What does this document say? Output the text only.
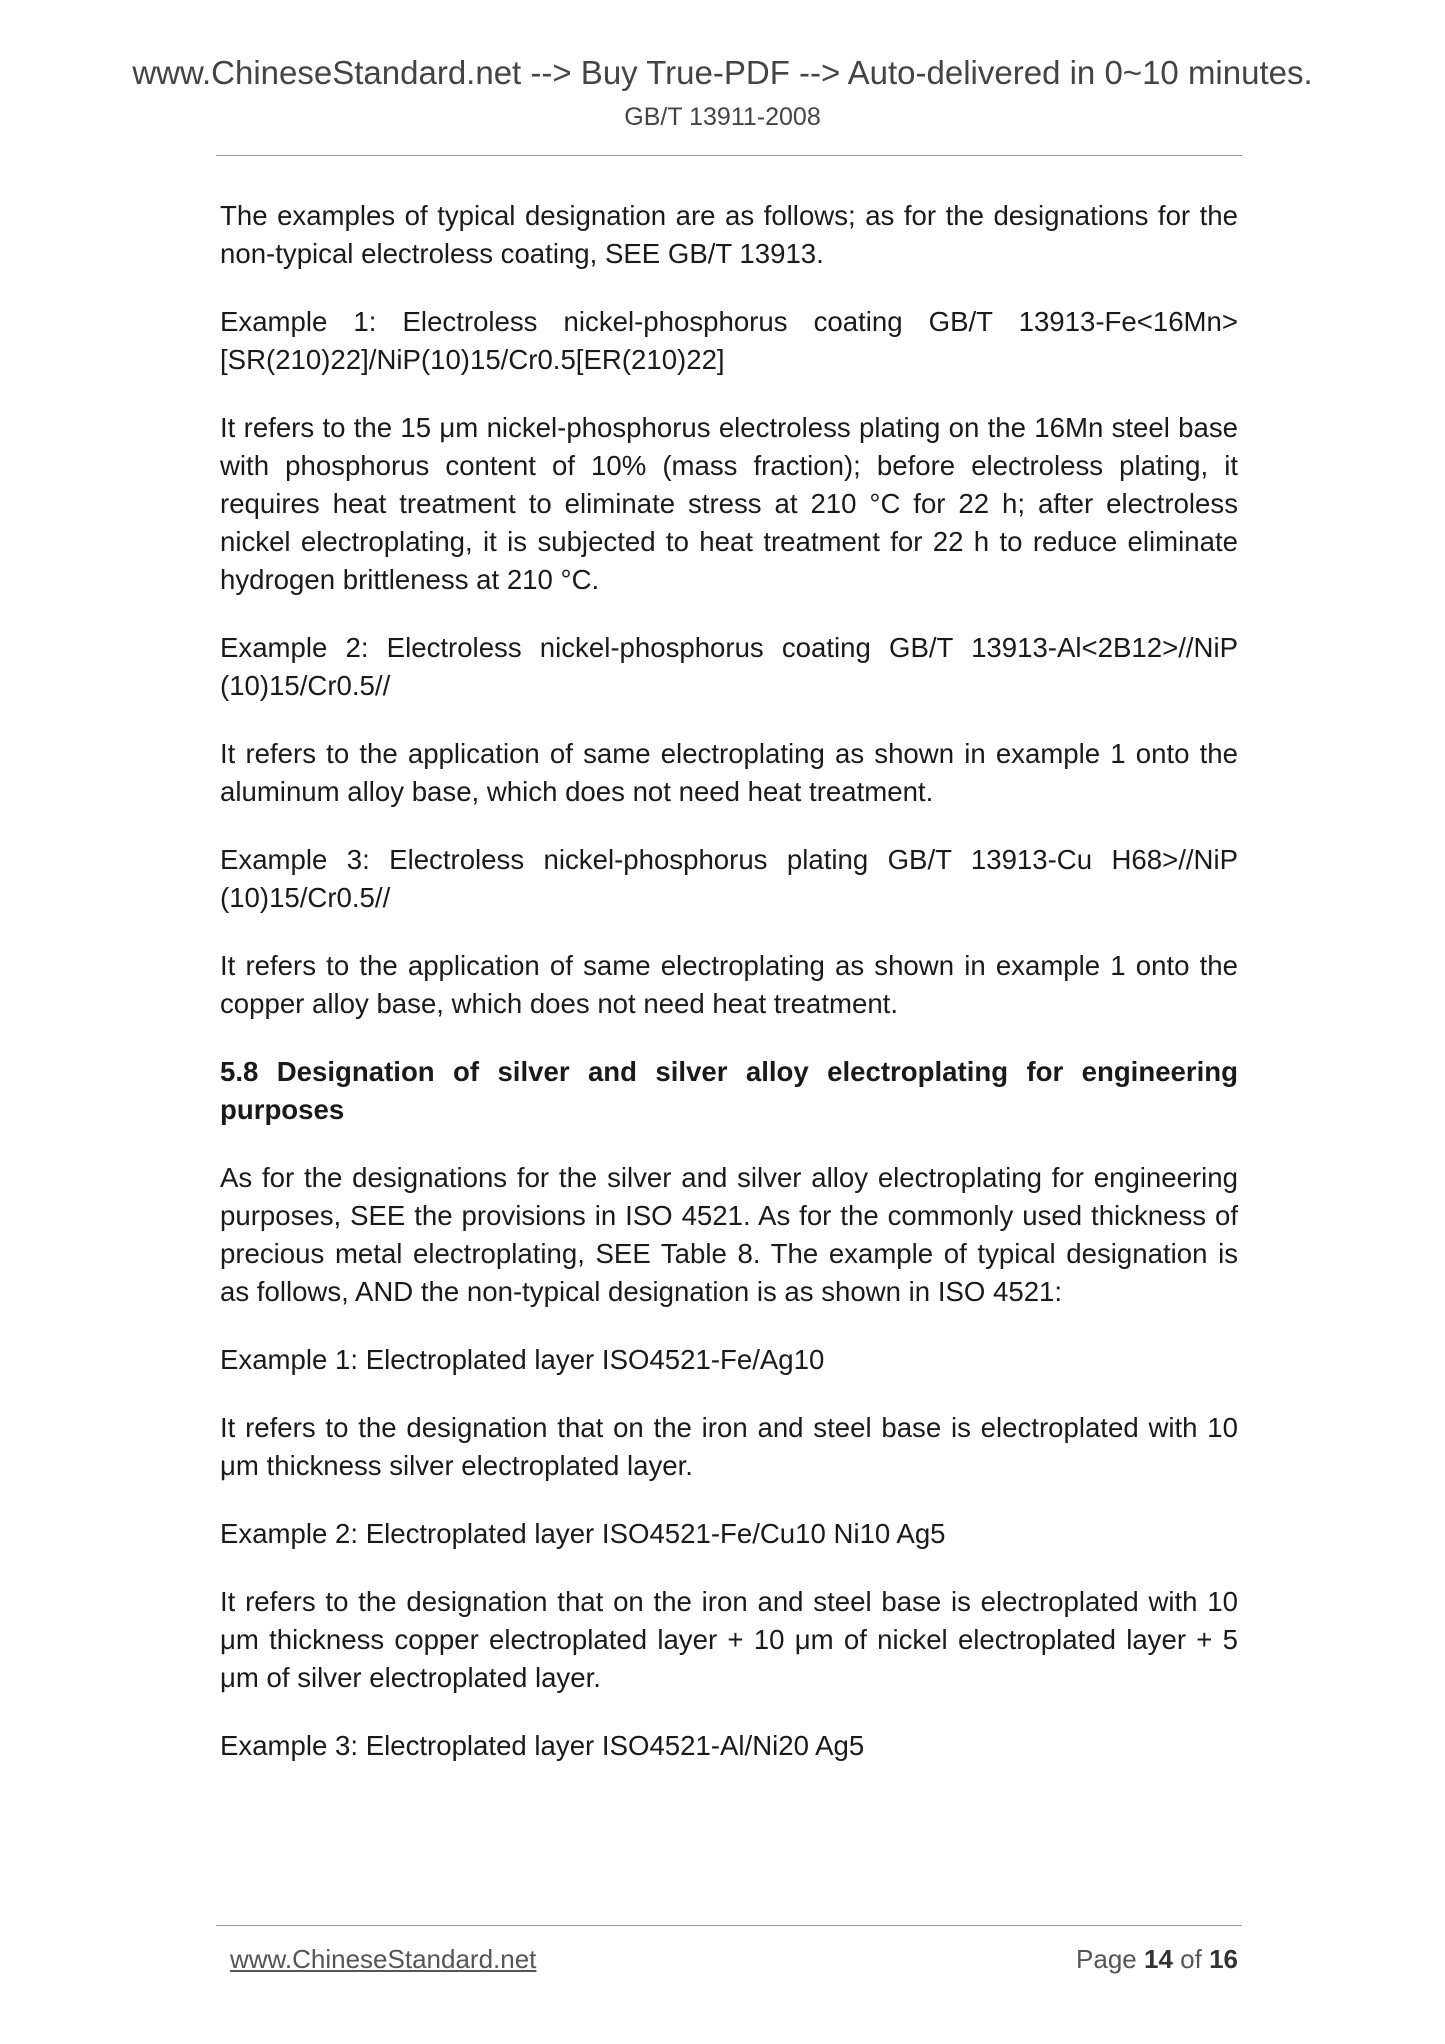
www.ChineseStandard.net --> Buy True-PDF --> Auto-delivered in 0~10 minutes.
GB/T 13911-2008

The examples of typical designation are as follows; as for the designations for the non-typical electroless coating, SEE GB/T 13913.

Example 1: Electroless nickel-phosphorus coating GB/T 13913-Fe<16Mn> [SR(210)22]/NiP(10)15/Cr0.5[ER(210)22]

It refers to the 15 μm nickel-phosphorus electroless plating on the 16Mn steel base with phosphorus content of 10% (mass fraction); before electroless plating, it requires heat treatment to eliminate stress at 210 °C for 22 h; after electroless nickel electroplating, it is subjected to heat treatment for 22 h to reduce eliminate hydrogen brittleness at 210 °C.

Example 2: Electroless nickel-phosphorus coating GB/T 13913-Al<2B12>//NiP (10)15/Cr0.5//

It refers to the application of same electroplating as shown in example 1 onto the aluminum alloy base, which does not need heat treatment.

Example 3: Electroless nickel-phosphorus plating GB/T 13913-Cu H68>//NiP (10)15/Cr0.5//

It refers to the application of same electroplating as shown in example 1 onto the copper alloy base, which does not need heat treatment.

5.8 Designation of silver and silver alloy electroplating for engineering purposes

As for the designations for the silver and silver alloy electroplating for engineering purposes, SEE the provisions in ISO 4521. As for the commonly used thickness of precious metal electroplating, SEE Table 8. The example of typical designation is as follows, AND the non-typical designation is as shown in ISO 4521:

Example 1: Electroplated layer ISO4521-Fe/Ag10

It refers to the designation that on the iron and steel base is electroplated with 10 μm thickness silver electroplated layer.

Example 2: Electroplated layer ISO4521-Fe/Cu10 Ni10 Ag5

It refers to the designation that on the iron and steel base is electroplated with 10 μm thickness copper electroplated layer + 10 μm of nickel electroplated layer + 5 μm of silver electroplated layer.

Example 3: Electroplated layer ISO4521-Al/Ni20 Ag5

www.ChineseStandard.net	Page 14 of 16
